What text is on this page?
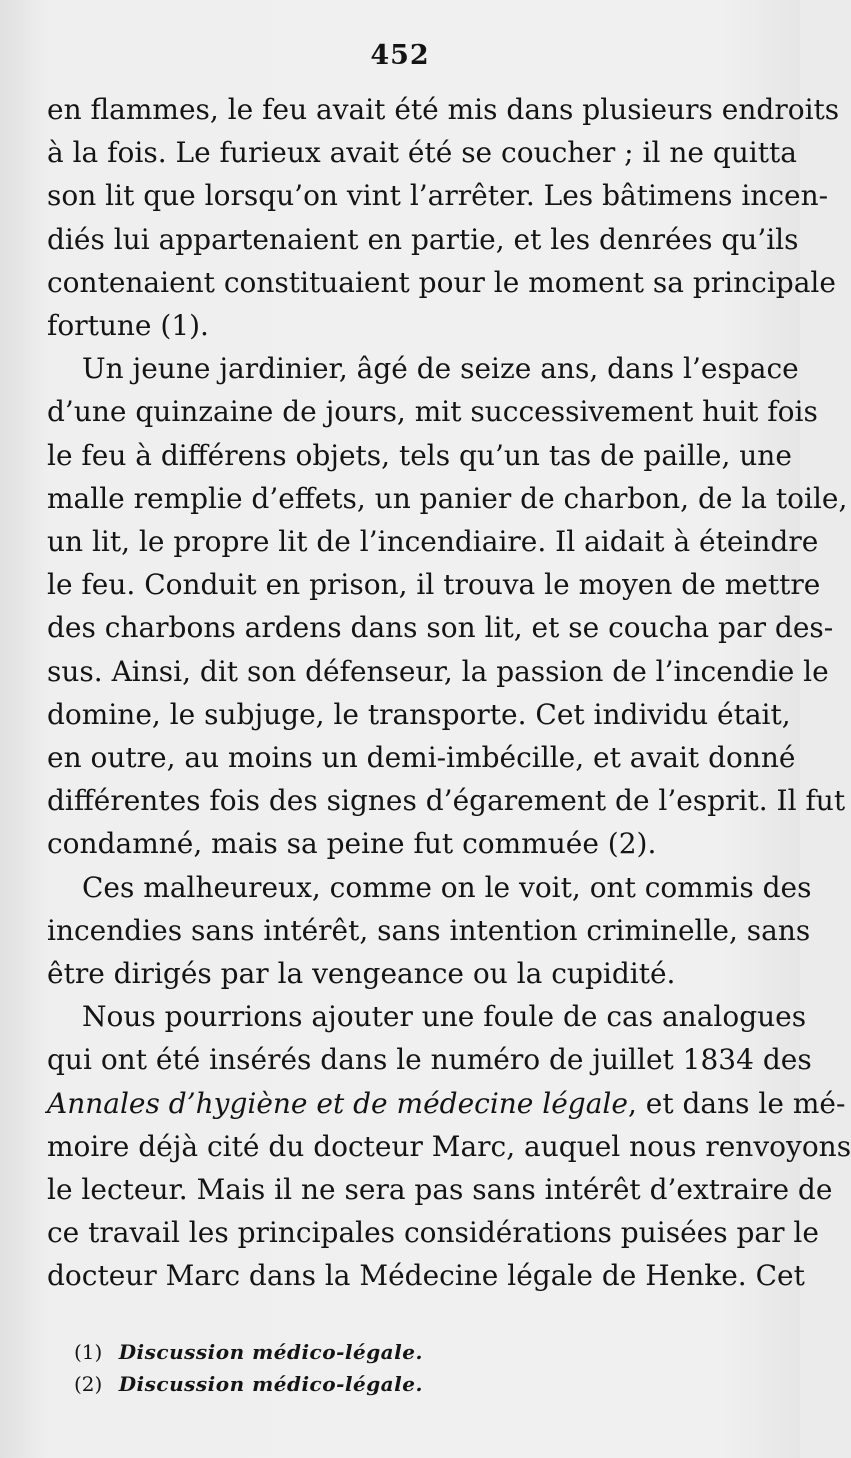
452
en flammes, le feu avait été mis dans plusieurs endroits
à la fois. Le furieux avait été se coucher ; il ne quitta
son lit que lorsqu’on vint l’arrêter. Les bâtimens incen-
diés lui appartenaient en partie, et les denrées qu’ils
contenaient constituaient pour le moment sa principale
fortune (1).
Un jeune jardinier, âgé de seize ans, dans l’espace
d’une quinzaine de jours, mit successivement huit fois
le feu à différens objets, tels qu’un tas de paille, une
malle remplie d’effets, un panier de charbon, de la toile,
un lit, le propre lit de l’incendiaire. Il aidait à éteindre
le feu. Conduit en prison, il trouva le moyen de mettre
des charbons ardens dans son lit, et se coucha par des-
sus. Ainsi, dit son défenseur, la passion de l’incendie le
domine, le subjuge, le transporte. Cet individu était,
en outre, au moins un demi-imbécille, et avait donné
différentes fois des signes d’égarement de l’esprit. Il fut
condamné, mais sa peine fut commuée (2).
Ces malheureux, comme on le voit, ont commis des
incendies sans intérêt, sans intention criminelle, sans
être dirigés par la vengeance ou la cupidité.
Nous pourrions ajouter une foule de cas analogues
qui ont été insérés dans le numéro de juillet 1834 des
Annales d’hygiène et de médecine légale, et dans le mé-
moire déjà cité du docteur Marc, auquel nous renvoyons
le lecteur. Mais il ne sera pas sans intérêt d’extraire de
ce travail les principales considérations puisées par le
docteur Marc dans la Médecine légale de Henke. Cet
(1) Discussion médico-légale.
(2) Discussion médico-légale.
